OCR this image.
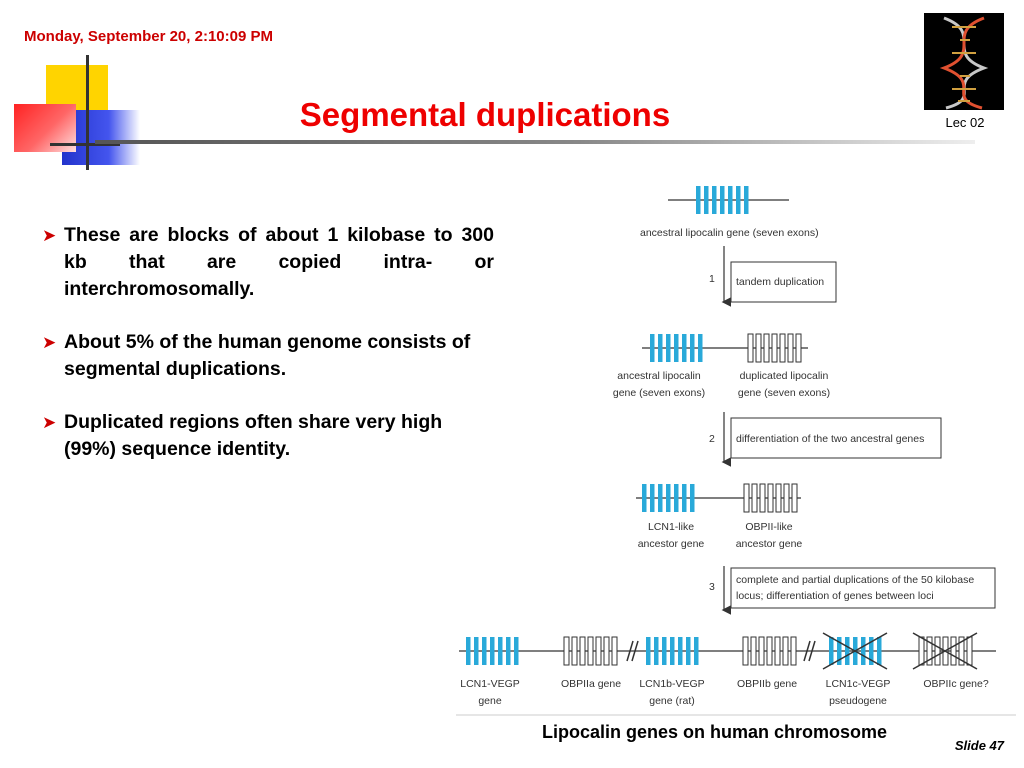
Monday, September 20, 2:10:09 PM
Segmental duplications	Lec 02
➤ These are blocks of about 1 kilobase to 300 kb that are copied intra- or interchromosomally.
➤ About 5% of the human genome consists of segmental duplications.
➤ Duplicated regions often share very high (99%) sequence identity.
ancestral lipocalin gene (seven exons)
1 tandem duplication
ancestral lipocalin
gene (seven exons)
duplicated lipocalin
gene (seven exons)
2 differentiation of the two ancestral genes
LCN1-like
ancestor gene
OBPII-like
ancestor gene
3
complete and partial duplications of the 50 kilobase
locus; differentiation of genes between loci
LCN1-VEGP
gene
OBPIIa gene LCN1b-VEGP
gene (rat)
OBPIIb gene	LCN1c-VEGP
pseudogene
OBPIIc gene?
Lipocalin genes on human chromosome
Slide 47
